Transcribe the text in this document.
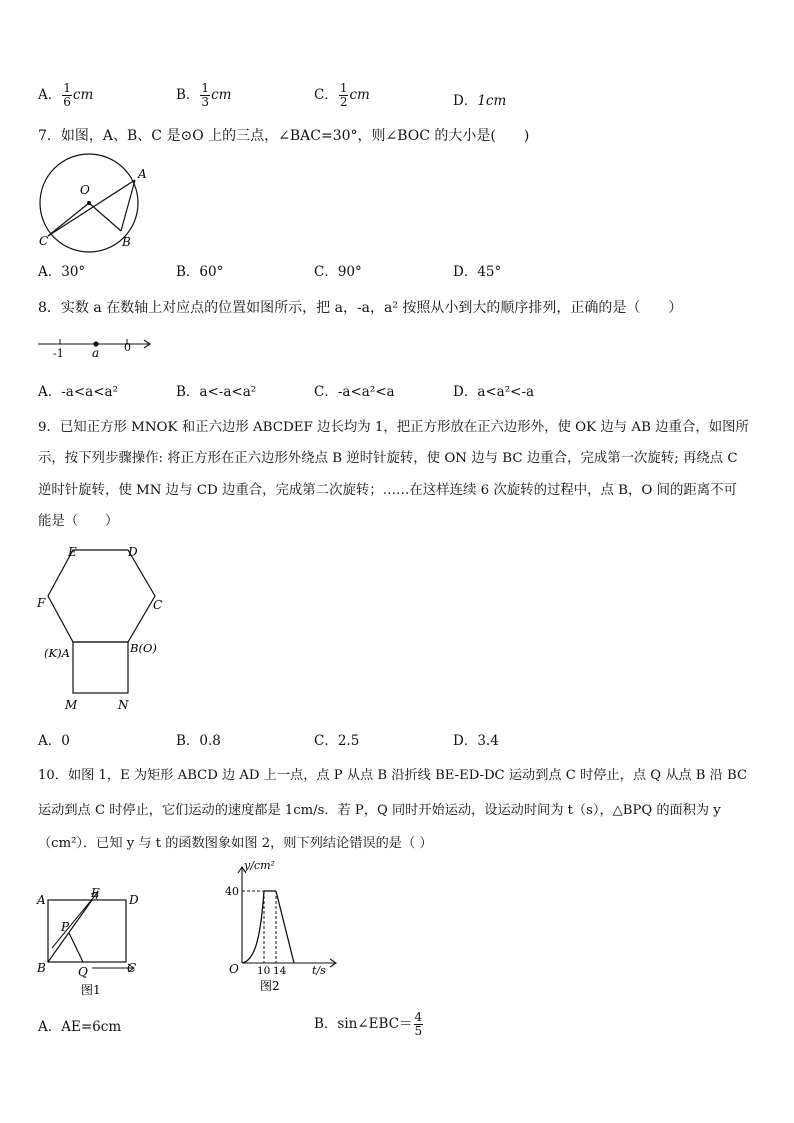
A． $\frac{1}{6}$ cm	B． $\frac{1}{3}$ cm	C． $\frac{1}{2}$ cm	D． 1cm
7．如图，A、B、C 是⊙O 上的三点，∠BAC=30°，则∠BOC 的大小是(　　)
O
A
B
C
A．30°	B．60°	C．90°	D．45°
8．实数 a 在数轴上对应点的位置如图所示，把 a，-a，a² 按照从小到大的顺序排列，正确的是（　　）
-1 a 0
A．-a<a<a²	B．a<-a<a²	C．-a<a²<a	D．a<a²<-a
9．已知正方形 MNOK 和正六边形 ABCDEF 边长均为 1，把正方形放在正六边形外，使 OK 边与 AB 边重合，如图所
示，按下列步骤操作: 将正方形在正六边形外绕点 B 逆时针旋转，使 ON 边与 BC 边重合，完成第一次旋转; 再绕点 C
逆时针旋转，使 MN 边与 CD 边重合，完成第二次旋转；……在这样连续 6 次旋转的过程中，点 B，O 间的距离不可
能是（　　）
E	D
F	C
(K)A	B(O)
M	N
A．0	B．0.8	C．2.5	D．3.4
10．如图 1，E 为矩形 ABCD 边 AD 上一点，点 P 从点 B 沿折线 BE-ED-DC 运动到点 C 时停止，点 Q 从点 B 沿 BC
运动到点 C 时停止，它们运动的速度都是 1cm/s．若 P，Q 同时开始运动，设运动时间为 t（s），△BPQ 的面积为 y
（cm²）．已知 y 与 t 的函数图象如图 2，则下列结论错误的是（ ）
A	E D
P
B	Q	C
图1
y/cm²
40
O 10 14 t/s
图2
A．AE=6cm	B．sin∠EBC＝ $\frac{4}{5}$
